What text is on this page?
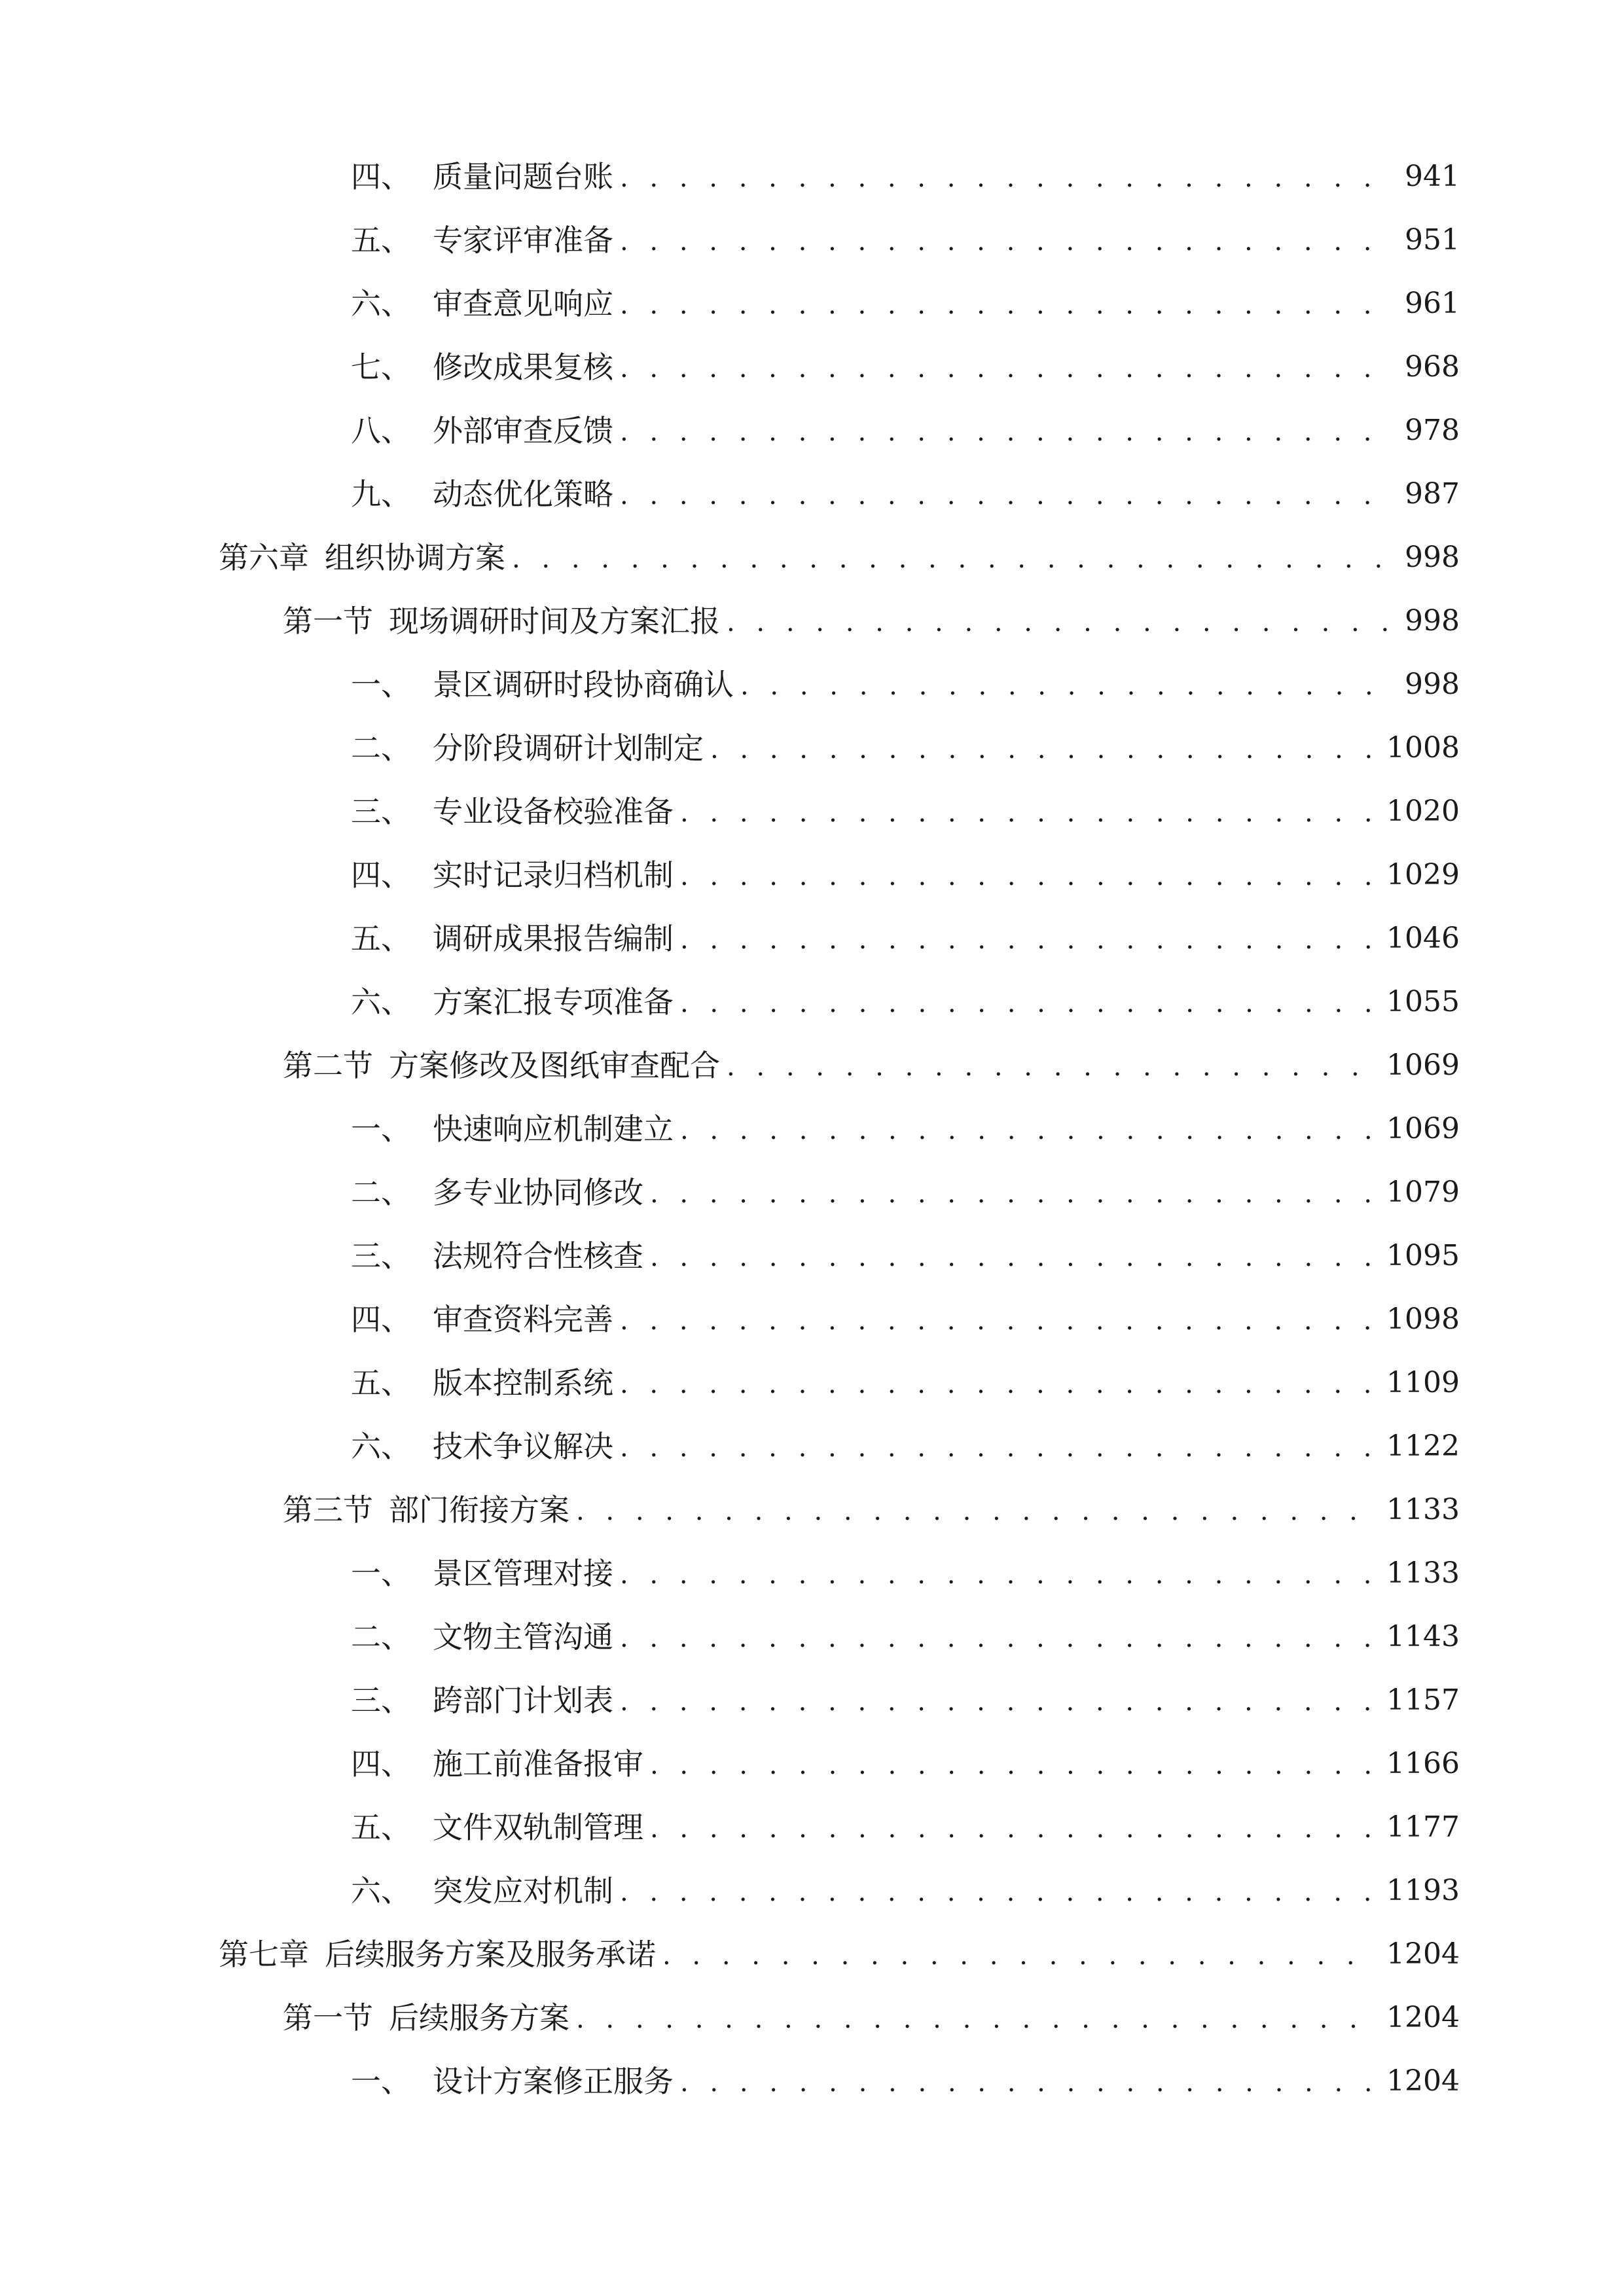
四、 质量问题台账 . . .	941
五、 专家评审准备 . . .	951
六、 审查意见响应 . . .	961
七、 修改成果复核 . . .	968
八、 外部审查反馈 . . .	978
九、 动态优化策略 . . .	987
第六章 组织协调方案 . . .	998
第一节 现场调研时间及方案汇报 . . .	998
一、 景区调研时段协商确认 . . .	998
二、 分阶段调研计划制定 . . .	1008
三、 专业设备校验准备 . . .	1020
四、 实时记录归档机制 . . .	1029
五、 调研成果报告编制 . . .	1046
六、 方案汇报专项准备 . . .	1055
第二节 方案修改及图纸审查配合 . . .	1069
一、 快速响应机制建立 . . .	1069
二、 多专业协同修改 . . .	1079
三、 法规符合性核查 . . .	1095
四、 审查资料完善 . . .	1098
五、 版本控制系统 . . .	1109
六、 技术争议解决 . . .	1122
第三节 部门衔接方案 . . .	1133
一、 景区管理对接 . . .	1133
二、 文物主管沟通 . . .	1143
三、 跨部门计划表 . . .	1157
四、 施工前准备报审 . . .	1166
五、 文件双轨制管理 . . .	1177
六、 突发应对机制 . . .	1193
第七章 后续服务方案及服务承诺 . . .	1204
第一节 后续服务方案 . . .	1204
一、 设计方案修正服务 . . .	1204
